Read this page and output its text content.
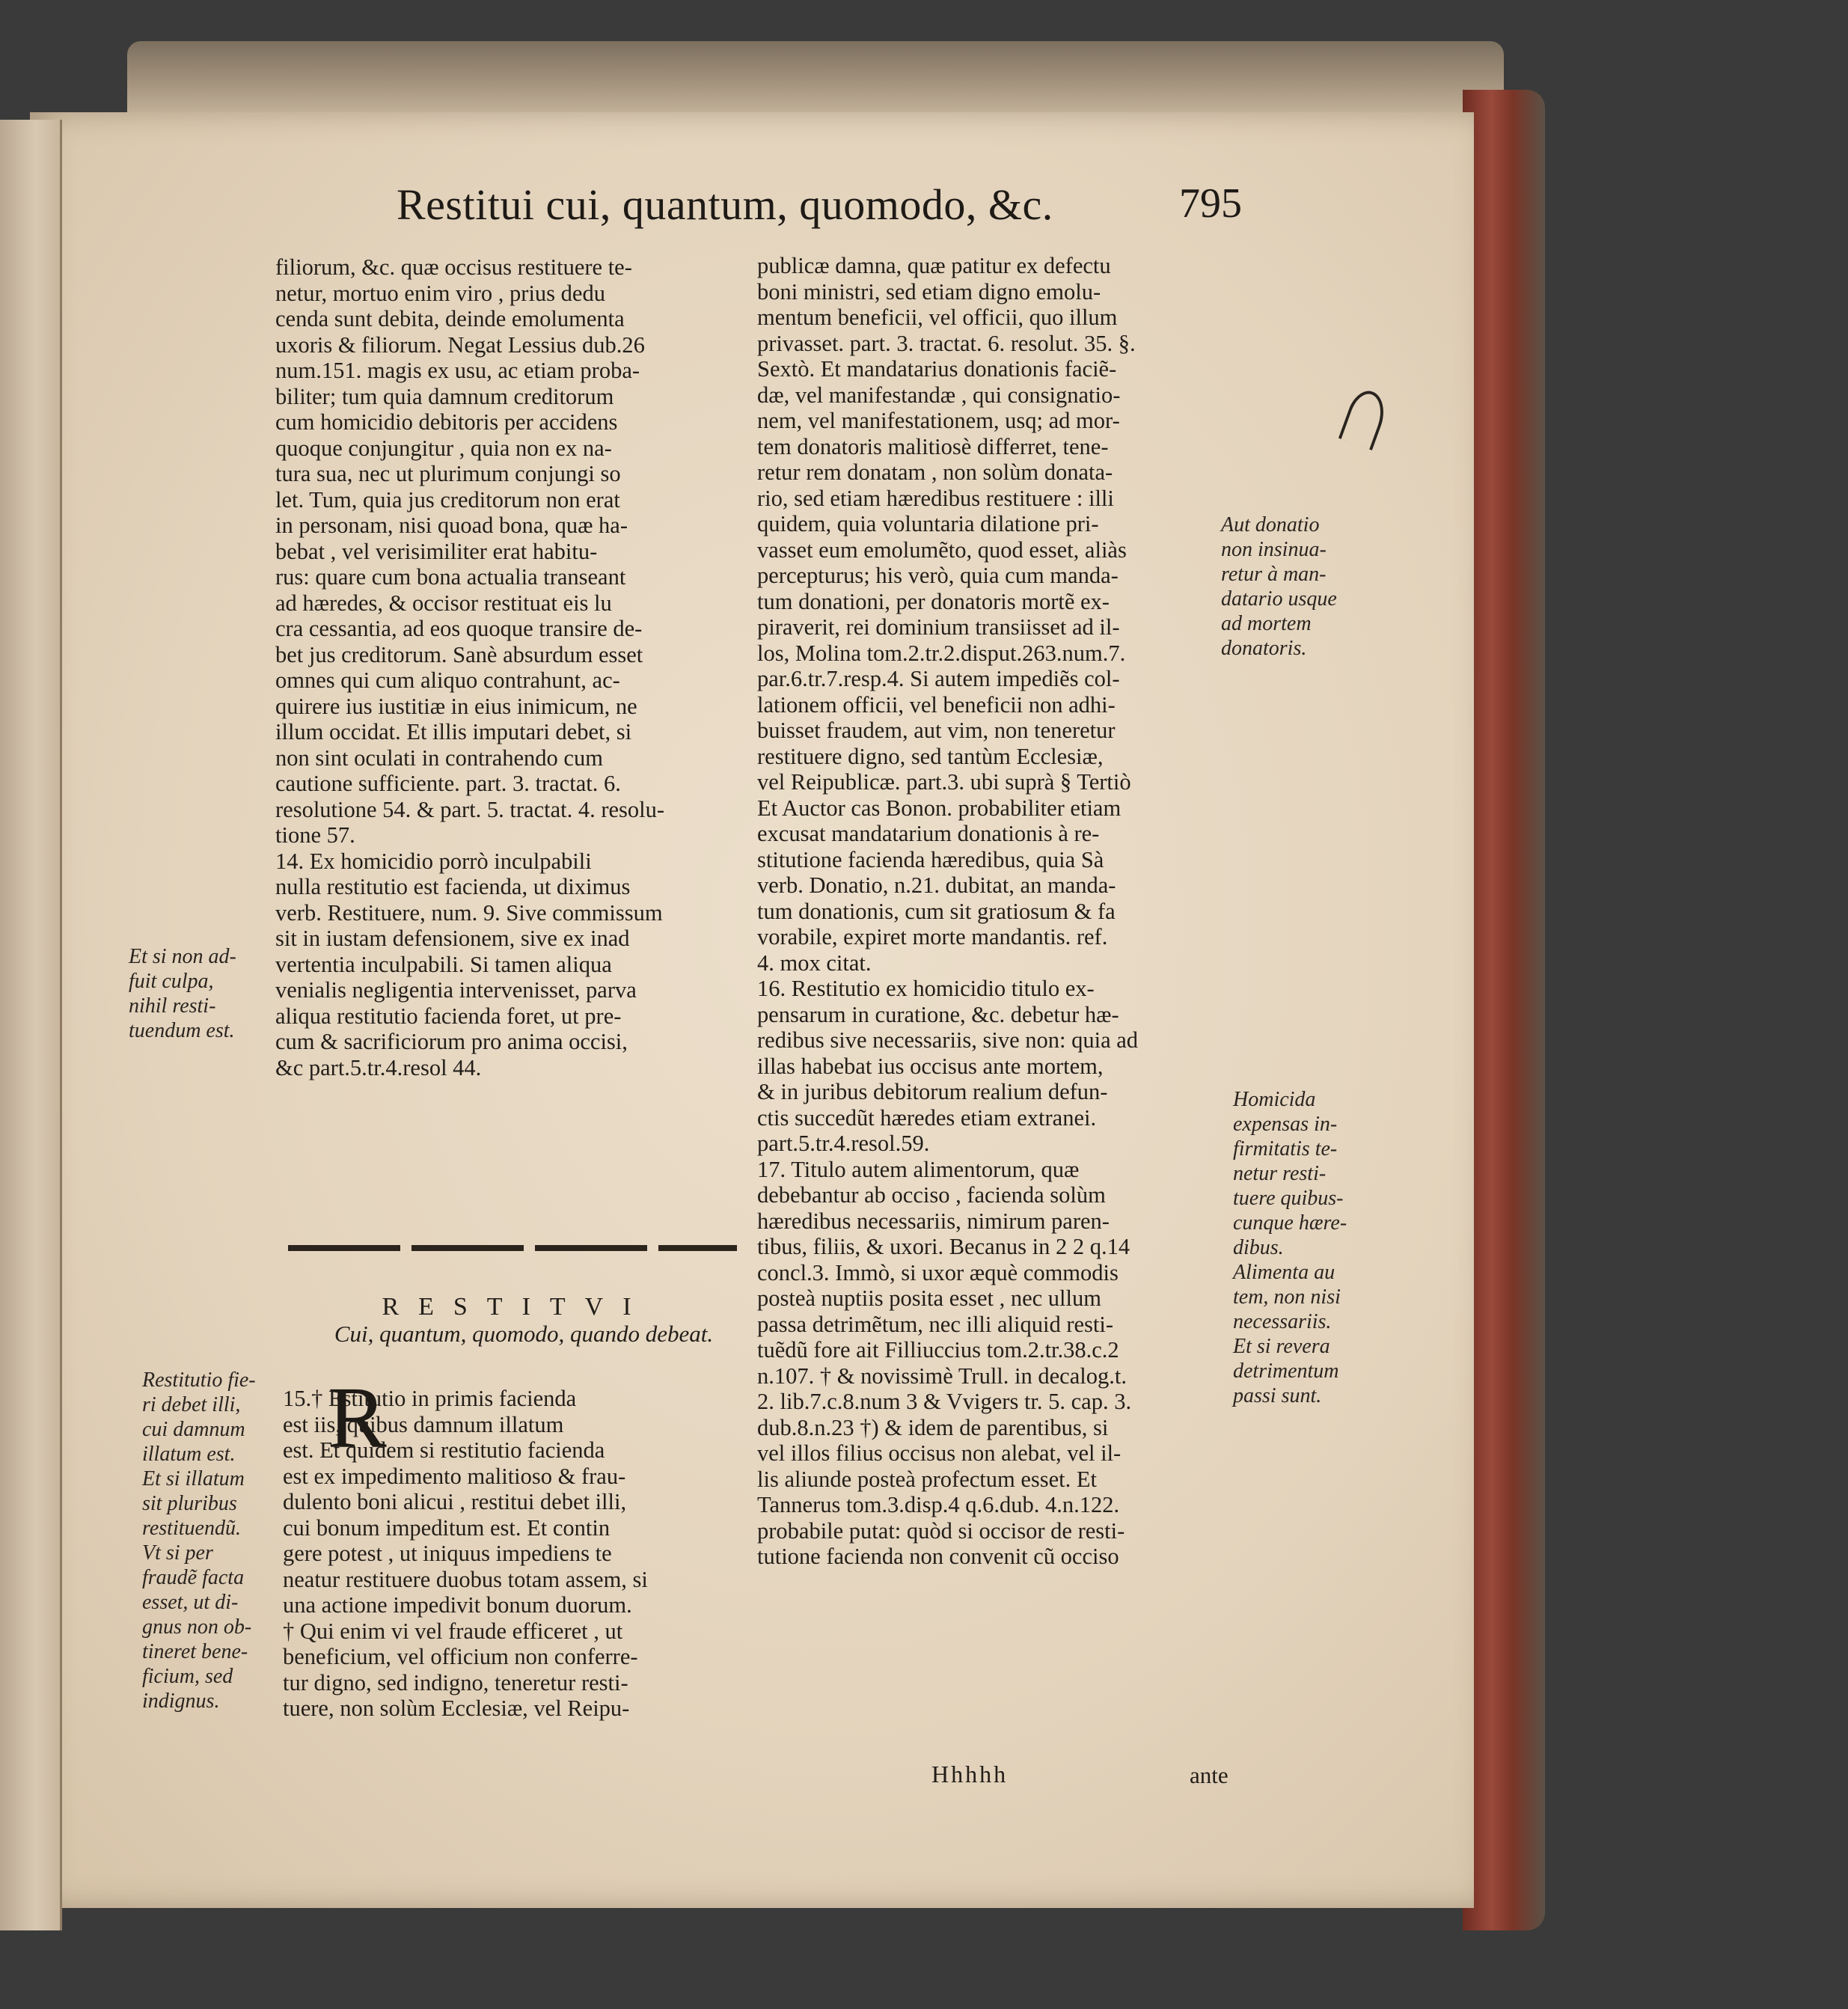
Restitui cui, quantum, quomodo, &c.	795
filiorum, &c. quæ occisus restituere te-
netur, mortuo enim viro , prius dedu
cenda sunt debita, deinde emolumenta
uxoris & filiorum. Negat Lessius dub.26
num.151. magis ex usu, ac etiam proba-
biliter; tum quia damnum creditorum
cum homicidio debitoris per accidens
quoque conjungitur , quia non ex na-
tura sua, nec ut plurimum conjungi so
let. Tum, quia jus creditorum non erat
in personam, nisi quoad bona, quæ ha-
bebat , vel verisimiliter erat habitu-
rus: quare cum bona actualia transeant
ad hæredes, & occisor restituat eis lu
cra cessantia, ad eos quoque transire de-
bet jus creditorum. Sanè absurdum esset
omnes qui cum aliquo contrahunt, ac-
quirere ius iustitiæ in eius inimicum, ne
illum occidat. Et illis imputari debet, si
non sint oculati in contrahendo cum
cautione sufficiente. part. 3. tractat. 6.
resolutione 54. & part. 5. tractat. 4. resolu-
tione 57.
14. Ex homicidio porrò inculpabili
nulla restitutio est facienda, ut diximus
verb. Restituere, num. 9. Sive commissum
sit in iustam defensionem, sive ex inad
vertentia inculpabili. Si tamen aliqua
venialis negligentia intervenisset, parva
aliqua restitutio facienda foret, ut pre-
cum & sacrificiorum pro anima occisi,
&c part.5.tr.4.resol 44.
RESTITVI
Cui, quantum, quomodo, quando debeat.
R
15.† Estitutio in primis facienda
est iis, quibus damnum illatum
est. Et quidem si restitutio facienda
est ex impedimento malitioso & frau-
dulento boni alicui , restitui debet illi,
cui bonum impeditum est. Et contin
gere potest , ut iniquus impediens te
neatur restituere duobus totam assem, si
una actione impedivit bonum duorum.
† Qui enim vi vel fraude efficeret , ut
beneficium, vel officium non conferre-
tur digno, sed indigno, teneretur resti-
tuere, non solùm Ecclesiæ, vel Reipu-
publicæ damna, quæ patitur ex defectu
boni ministri, sed etiam digno emolu-
mentum beneficii, vel officii, quo illum
privasset. part. 3. tractat. 6. resolut. 35. §.
Sextò. Et mandatarius donationis faciẽ-
dæ, vel manifestandæ , qui consignatio-
nem, vel manifestationem, usq; ad mor-
tem donatoris malitiosè differret, tene-
retur rem donatam , non solùm donata-
rio, sed etiam hæredibus restituere : illi
quidem, quia voluntaria dilatione pri-
vasset eum emolumẽto, quod esset, aliàs
percepturus; his verò, quia cum manda-
tum donationi, per donatoris mortẽ ex-
piraverit, rei dominium transiisset ad il-
los, Molina tom.2.tr.2.disput.263.num.7.
par.6.tr.7.resp.4. Si autem impediẽs col-
lationem officii, vel beneficii non adhi-
buisset fraudem, aut vim, non teneretur
restituere digno, sed tantùm Ecclesiæ,
vel Reipublicæ. part.3. ubi suprà § Tertiò
Et Auctor cas Bonon. probabiliter etiam
excusat mandatarium donationis à re-
stitutione facienda hæredibus, quia Sà
verb. Donatio, n.21. dubitat, an manda-
tum donationis, cum sit gratiosum & fa
vorabile, expiret morte mandantis. ref.
4. mox citat.
16. Restitutio ex homicidio titulo ex-
pensarum in curatione, &c. debetur hæ-
redibus sive necessariis, sive non: quia ad
illas habebat ius occisus ante mortem,
& in juribus debitorum realium defun-
ctis succedũt hæredes etiam extranei.
part.5.tr.4.resol.59.
17. Titulo autem alimentorum, quæ
debebantur ab occiso , facienda solùm
hæredibus necessariis, nimirum paren-
tibus, filiis, & uxori. Becanus in 2 2 q.14
concl.3. Immò, si uxor æquè commodis
posteà nuptiis posita esset , nec ullum
passa detrimẽtum, nec illi aliquid resti-
tuẽdũ fore ait Filliuccius tom.2.tr.38.c.2
n.107. † & novissimè Trull. in decalog.t.
2. lib.7.c.8.num 3 & Vvigers tr. 5. cap. 3.
dub.8.n.23 †) & idem de parentibus, si
vel illos filius occisus non alebat, vel il-
lis aliunde posteà profectum esset. Et
Tannerus tom.3.disp.4 q.6.dub. 4.n.122.
probabile putat: quòd si occisor de resti-
tutione facienda non convenit cũ occiso
Et si non ad-
fuit culpa,
nihil resti-
tuendum est.
Restitutio fie-
ri debet illi,
cui damnum
illatum est.
Et si illatum
sit pluribus
restituendũ.
Vt si per
fraudẽ facta
esset, ut di-
gnus non ob-
tineret bene-
ficium, sed
indignus.
Aut donatio
non insinua-
retur à man-
datario usque
ad mortem
donatoris.
Homicida
expensas in-
firmitatis te-
netur resti-
tuere quibus-
cunque hære-
dibus.
Alimenta au
tem, non nisi
necessariis.
Et si revera
detrimentum
passi sunt.
Hhhhh	ante
